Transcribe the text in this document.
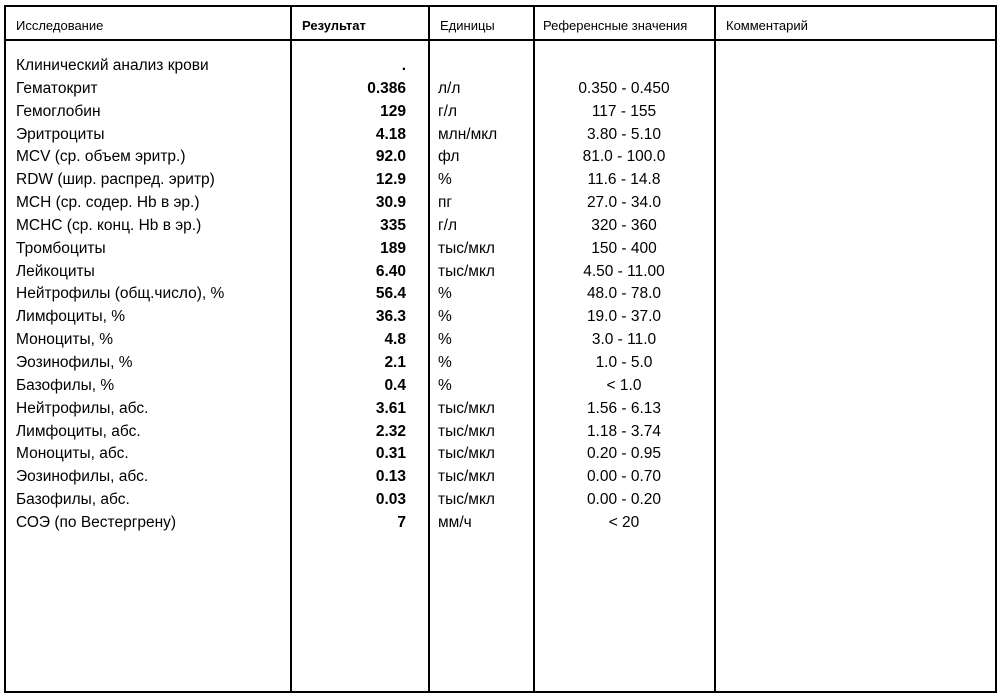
Исследование	Результат	Единицы	Референсные значения	Комментарий
Клинический анализ крови	.
Гематокрит	0.386 л/л	0.350 - 0.450
Гемоглобин	129 г/л	117 - 155
Эритроциты	4.18 млн/мкл	3.80 - 5.10
MCV (ср. объем эритр.)	92.0 фл	81.0 - 100.0
RDW (шир. распред. эритр)	12.9 %	11.6 - 14.8
MCH (ср. содер. Hb в эр.)	30.9 пг	27.0 - 34.0
MCHC (ср. конц. Hb в эр.)	335 г/л	320 - 360
Тромбоциты	189 тыс/мкл	150 - 400
Лейкоциты	6.40 тыс/мкл	4.50 - 11.00
Нейтрофилы (общ.число), %	56.4 %	48.0 - 78.0
Лимфоциты, %	36.3 %	19.0 - 37.0
Моноциты, %	4.8 %	3.0 - 11.0
Эозинофилы, %	2.1 %	1.0 - 5.0
Базофилы, %	0.4 %	< 1.0
Нейтрофилы, абс.	3.61 тыс/мкл	1.56 - 6.13
Лимфоциты, абс.	2.32 тыс/мкл	1.18 - 3.74
Моноциты, абс.	0.31 тыс/мкл	0.20 - 0.95
Эозинофилы, абс.	0.13 тыс/мкл	0.00 - 0.70
Базофилы, абс.	0.03 тыс/мкл	0.00 - 0.20
СОЭ (по Вестергрену)	7 мм/ч	< 20
